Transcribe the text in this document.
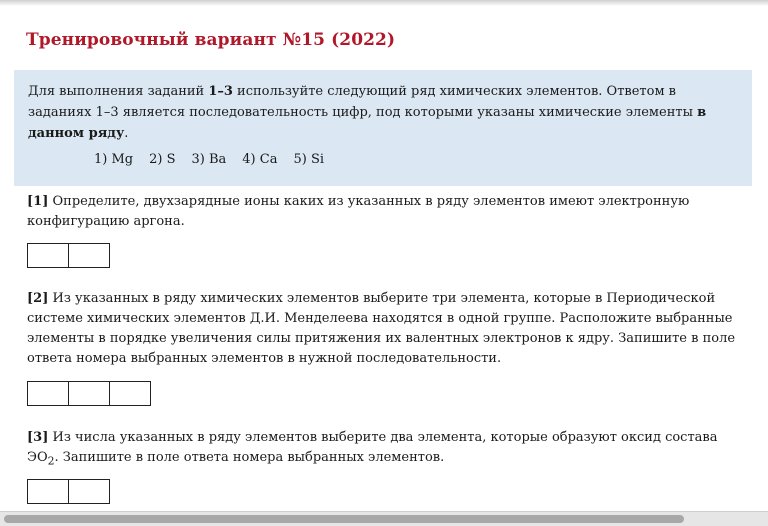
Тренировочный вариант №15 (2022)

Для выполнения заданий 1–3 используйте следующий ряд химических элементов. Ответом в заданиях 1–3 является последовательность цифр, под которыми указаны химические элементы в данном ряду.

1) Mg 2) S 3) Ba 4) Ca 5) Si
[1] Определите, двухзарядные ионы каких из указанных в ряду элементов имеют электронную конфигурацию аргона.
[2] Из указанных в ряду химических элементов выберите три элемента, которые в Периодической системе химических элементов Д.И. Менделеева находятся в одной группе. Расположите выбранные элементы в порядке увеличения силы притяжения их валентных электронов к ядру. Запишите в поле ответа номера выбранных элементов в нужной последовательности.
[3] Из числа указанных в ряду элементов выберите два элемента, которые образуют оксид состава $ЭО_2$. Запишите в поле ответа номера выбранных элементов.
